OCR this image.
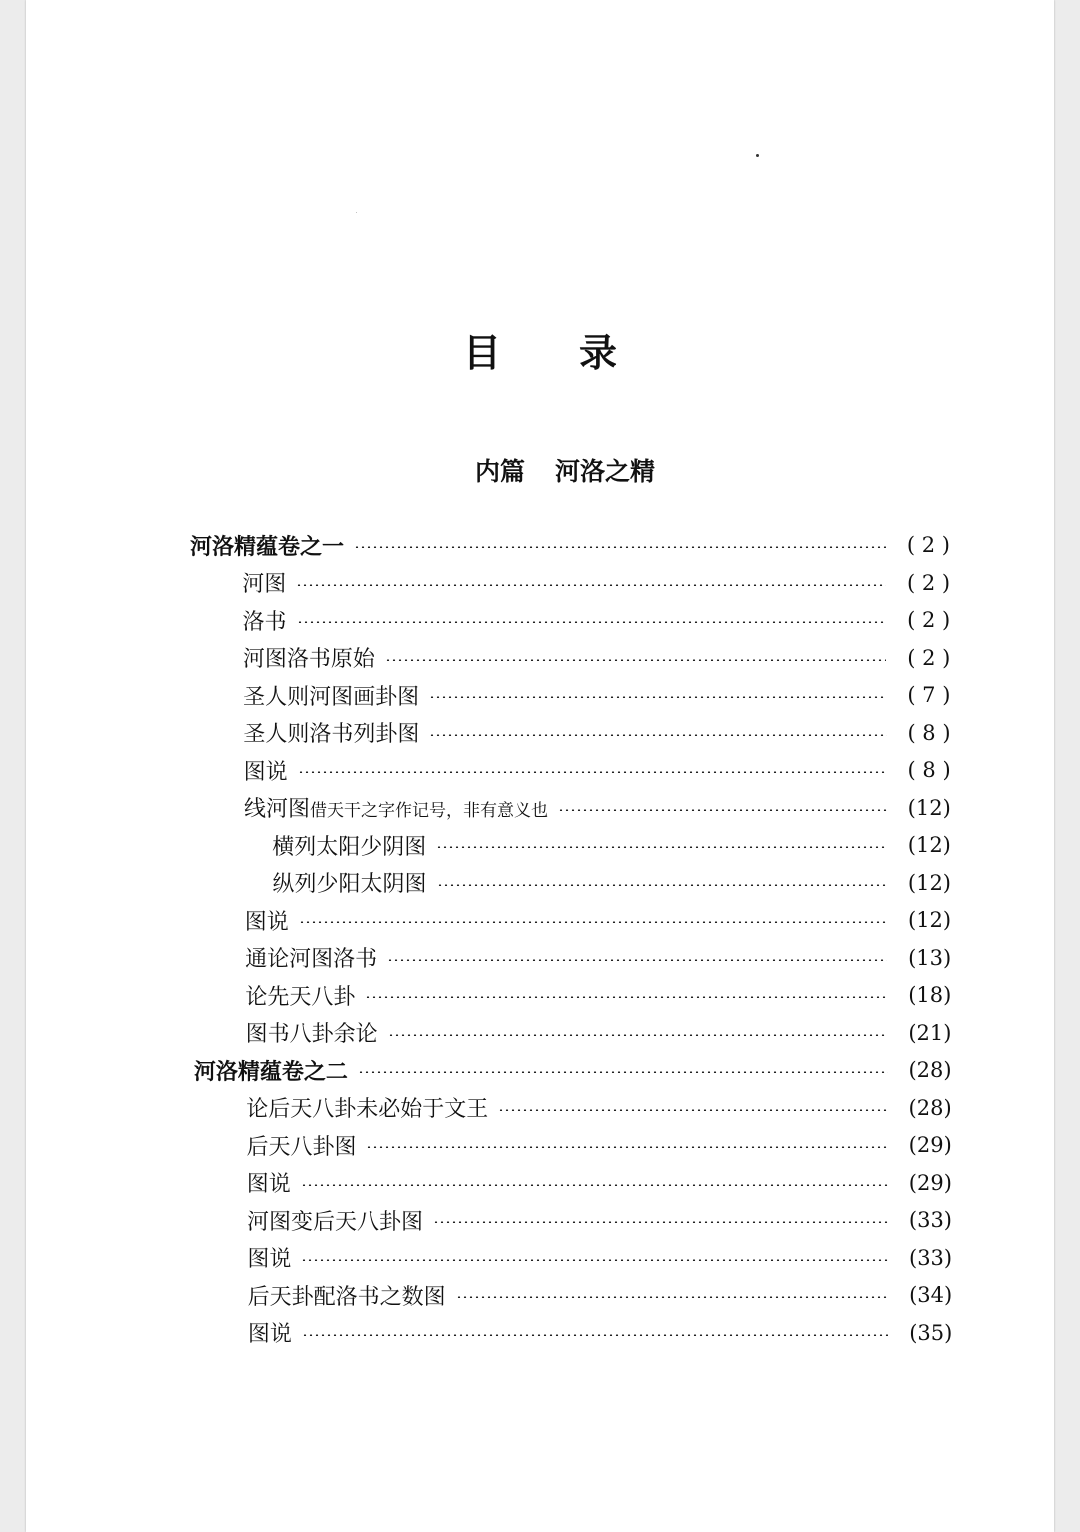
目 录
内篇 河洛之精
河洛精蕴卷之一	( 2 )
河图	( 2 )
洛书	( 2 )
河图洛书原始	( 2 )
圣人则河图画卦图	( 7 )
圣人则洛书列卦图	( 8 )
图说	( 8 )
线河图借天干之字作记号，非有意义也	(12)
横列太阳少阴图	(12)
纵列少阳太阴图	(12)
图说	(12)
通论河图洛书	(13)
论先天八卦	(18)
图书八卦余论	(21)
河洛精蕴卷之二	(28)
论后天八卦未必始于文王	(28)
后天八卦图	(29)
图说	(29)
河图变后天八卦图	(33)
图说	(33)
后天卦配洛书之数图	(34)
图说	(35)
